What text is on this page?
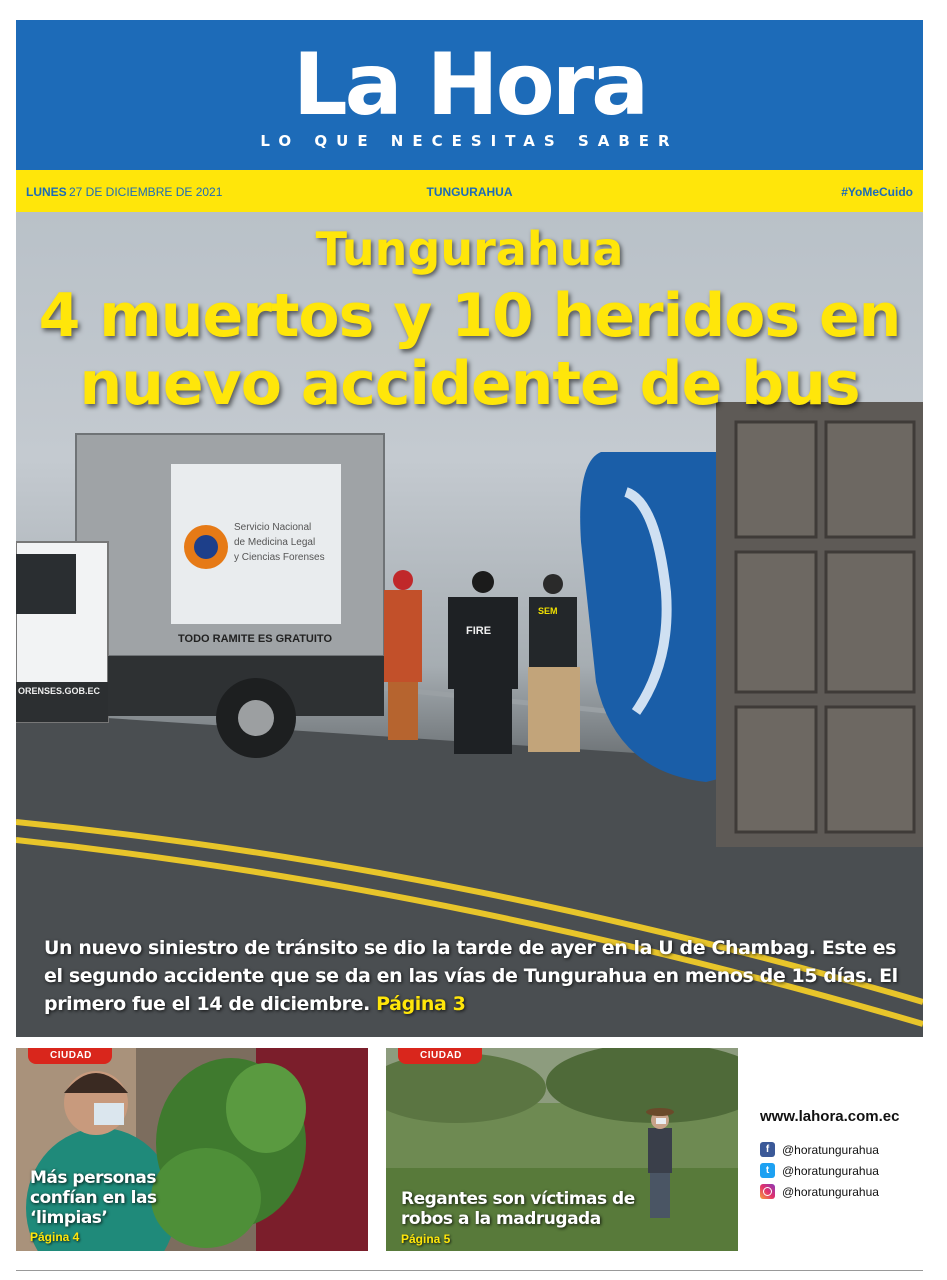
La Hora
LO QUE NECESITAS SABER
LUNES 27 DE DICIEMBRE DE 2021	TUNGURAHUA	#YoMeCuido
Servicio Nacional
de Medicina Legal
y Ciencias Forenses
TODO RAMITE ES GRATUITO
ORENSES.GOB.EC
FIRE
SEM
Tungurahua
4 muertos y 10 heridos en
nuevo accidente de bus

Un nuevo siniestro de tránsito se dio la tarde de ayer en la U de Chambag. Este es el segundo accidente que se da en las vías de Tungurahua en menos de 15 días. El primero fue el 14 de diciembre. Página 3

CIUDAD
Más personas confían en las ‘limpias’
Página 4
CIUDAD
Regantes son víctimas de robos a la madrugada
Página 5
www.lahora.com.ec
f	@horatungurahua
t	@horatungurahua
@horatungurahua
